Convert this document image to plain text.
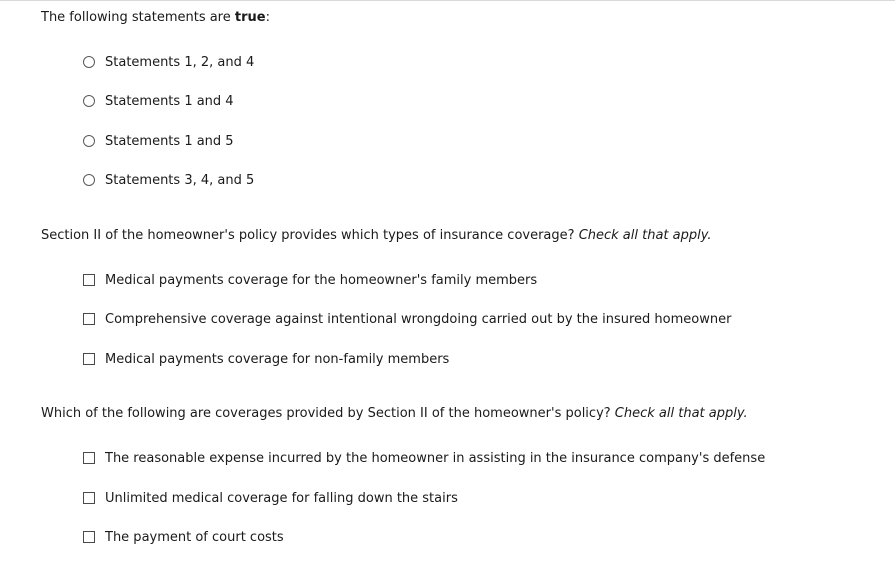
The following statements are true:
Statements 1, 2, and 4
Statements 1 and 4
Statements 1 and 5
Statements 3, 4, and 5
Section II of the homeowner's policy provides which types of insurance coverage? Check all that apply.
Medical payments coverage for the homeowner's family members
Comprehensive coverage against intentional wrongdoing carried out by the insured homeowner
Medical payments coverage for non-family members
Which of the following are coverages provided by Section II of the homeowner's policy? Check all that apply.
The reasonable expense incurred by the homeowner in assisting in the insurance company's defense
Unlimited medical coverage for falling down the stairs
The payment of court costs
